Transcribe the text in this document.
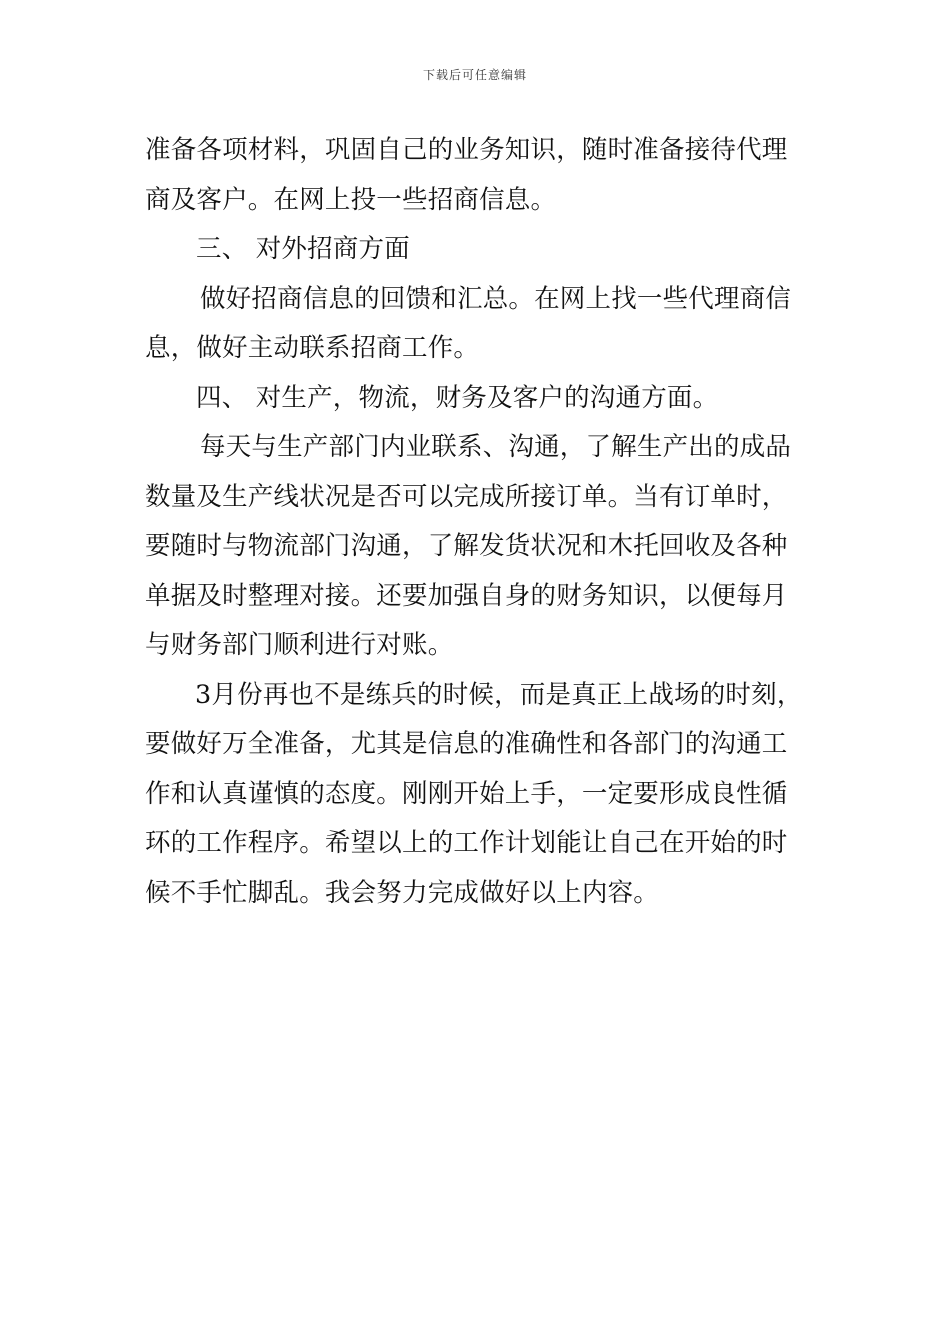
下载后可任意编辑
准备各项材料，巩固自己的业务知识，随时准备接待代理
商及客户。在网上投一些招商信息。
三、 对外招商方面
做好招商信息的回馈和汇总。在网上找一些代理商信
息，做好主动联系招商工作。
四、 对生产，物流，财务及客户的沟通方面。
每天与生产部门内业联系、沟通，了解生产出的成品
数量及生产线状况是否可以完成所接订单。当有订单时，
要随时与物流部门沟通，了解发货状况和木托回收及各种
单据及时整理对接。还要加强自身的财务知识，以便每月
与财务部门顺利进行对账。
3月份再也不是练兵的时候，而是真正上战场的时刻，
要做好万全准备，尤其是信息的准确性和各部门的沟通工
作和认真谨慎的态度。刚刚开始上手，一定要形成良性循
环的工作程序。希望以上的工作计划能让自己在开始的时
候不手忙脚乱。我会努力完成做好以上内容。
